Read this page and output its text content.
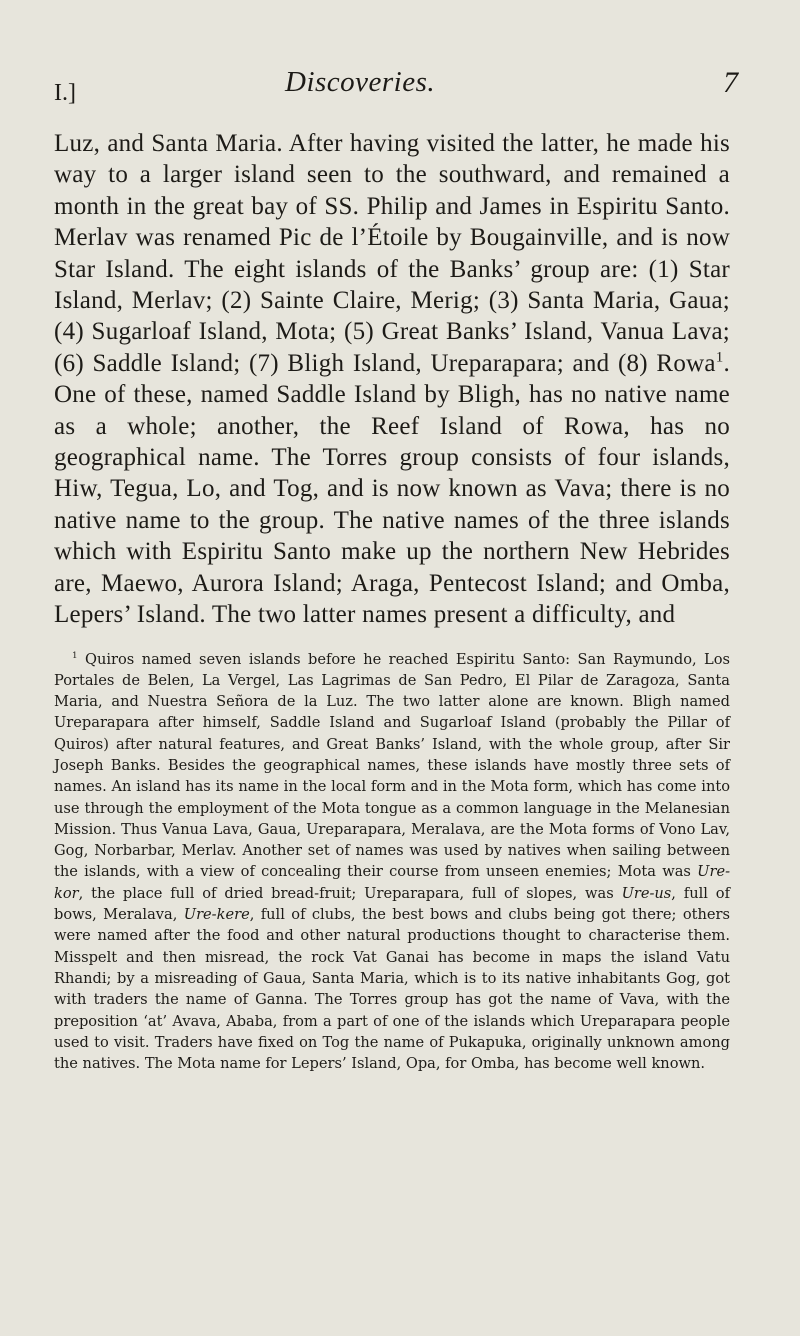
I.]	Discoveries.	7

Luz, and Santa Maria. After having visited the latter, he made his way to a larger island seen to the southward, and remained a month in the great bay of SS. Philip and James in Espiritu Santo. Merlav was renamed Pic de l’Étoile by Bougainville, and is now Star Island. The eight islands of the Banks’ group are: (1) Star Island, Merlav; (2) Sainte Claire, Merig; (3) Santa Maria, Gaua; (4) Sugarloaf Island, Mota; (5) Great Banks’ Island, Vanua Lava; (6) Saddle Island; (7) Bligh Island, Ureparapara; and (8) Rowa$^1$. One of these, named Saddle Island by Bligh, has no native name as a whole; another, the Reef Island of Rowa, has no geographical name. The Torres group consists of four islands, Hiw, Tegua, Lo, and Tog, and is now known as Vava; there is no native name to the group. The native names of the three islands which with Espiritu Santo make up the northern New Hebrides are, Maewo, Aurora Island; Araga, Pentecost Island; and Omba, Lepers’ Island. The two latter names present a difficulty, and

$^1$ Quiros named seven islands before he reached Espiritu Santo: San Raymundo, Los Portales de Belen, La Vergel, Las Lagrimas de San Pedro, El Pilar de Zaragoza, Santa Maria, and Nuestra Señora de la Luz. The two latter alone are known. Bligh named Ureparapara after himself, Saddle Island and Sugarloaf Island (probably the Pillar of Quiros) after natural features, and Great Banks’ Island, with the whole group, after Sir Joseph Banks. Besides the geographical names, these islands have mostly three sets of names. An island has its name in the local form and in the Mota form, which has come into use through the employment of the Mota tongue as a common language in the Melanesian Mission. Thus Vanua Lava, Gaua, Ureparapara, Meralava, are the Mota forms of Vono Lav, Gog, Norbarbar, Merlav. Another set of names was used by natives when sailing between the islands, with a view of concealing their course from unseen enemies; Mota was Ure-kor, the place full of dried bread-fruit; Ureparapara, full of slopes, was Ure-us, full of bows, Meralava, Ure-kere, full of clubs, the best bows and clubs being got there; others were named after the food and other natural productions thought to characterise them. Misspelt and then misread, the rock Vat Ganai has become in maps the island Vatu Rhandi; by a misreading of Gaua, Santa Maria, which is to its native inhabitants Gog, got with traders the name of Ganna. The Torres group has got the name of Vava, with the preposition ‘at’ Avava, Ababa, from a part of one of the islands which Ureparapara people used to visit. Traders have fixed on Tog the name of Pukapuka, originally unknown among the natives. The Mota name for Lepers’ Island, Opa, for Omba, has become well known.
